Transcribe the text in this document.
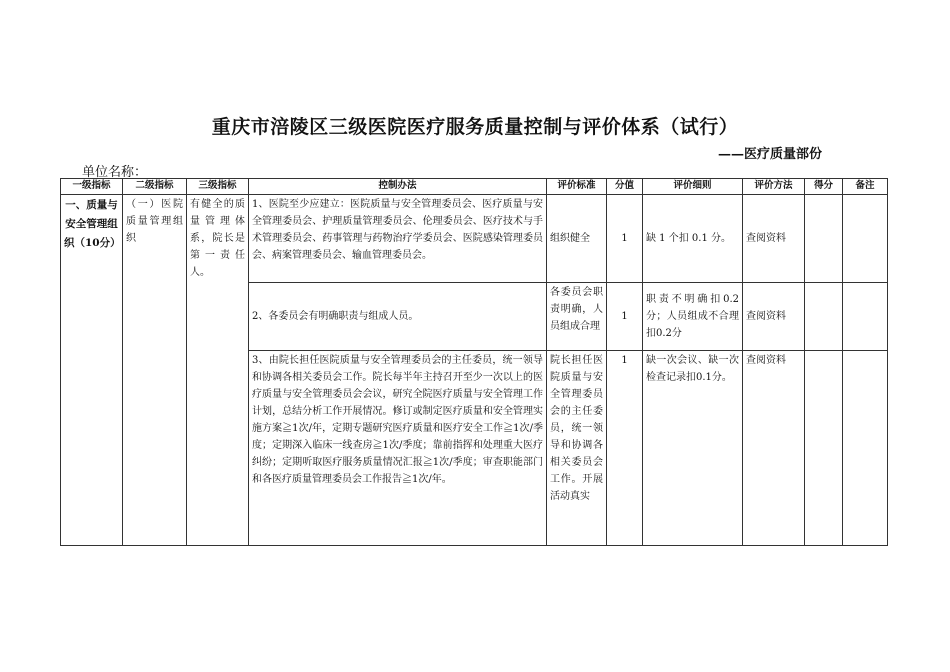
重庆市涪陵区三级医院医疗服务质量控制与评价体系（试行）
——医疗质量部份
单位名称：
一级指标	二级指标	三级指标	控制办法	评价标准	分值	评价细则	评价方法	得分	备注
一、质量与安全管理组织（10分）	（一）医院质量管理组织	有健全的质量管理体系，院长是第一责任人。	1、医院至少应建立：医院质量与安全管理委员会、医疗质量与安全管理委员会、护理质量管理委员会、伦理委员会、医疗技术与手术管理委员会、药事管理与药物治疗学委员会、医院感染管理委员会、病案管理委员会、输血管理委员会。	组织健全	1	缺 1 个扣 0.1 分。	查阅资料		
			2、各委员会有明确职责与组成人员。	各委员会职责明确，人员组成合理	1	职责不明确扣0.2分；人员组成不合理扣0.2分	查阅资料		
			3、由院长担任医院质量与安全管理委员会的主任委员，统一领导和协调各相关委员会工作。院长每半年主持召开至少一次以上的医疗质量与安全管理委员会会议，研究全院医疗质量与安全管理工作计划，总结分析工作开展情况。修订或制定医疗质量和安全管理实施方案≧1次/年，定期专题研究医疗质量和医疗安全工作≧1次/季度；定期深入临床一线查房≧1次/季度；靠前指挥和处理重大医疗纠纷；定期听取医疗服务质量情况汇报≧1次/季度；审查职能部门和各医疗质量管理委员会工作报告≧1次/年。	院长担任医院质量与安全管理委员会的主任委员，统一领导和协调各相关委员会工作。开展活动真实	1	缺一次会议、缺一次检查记录扣0.1分。	查阅资料		
